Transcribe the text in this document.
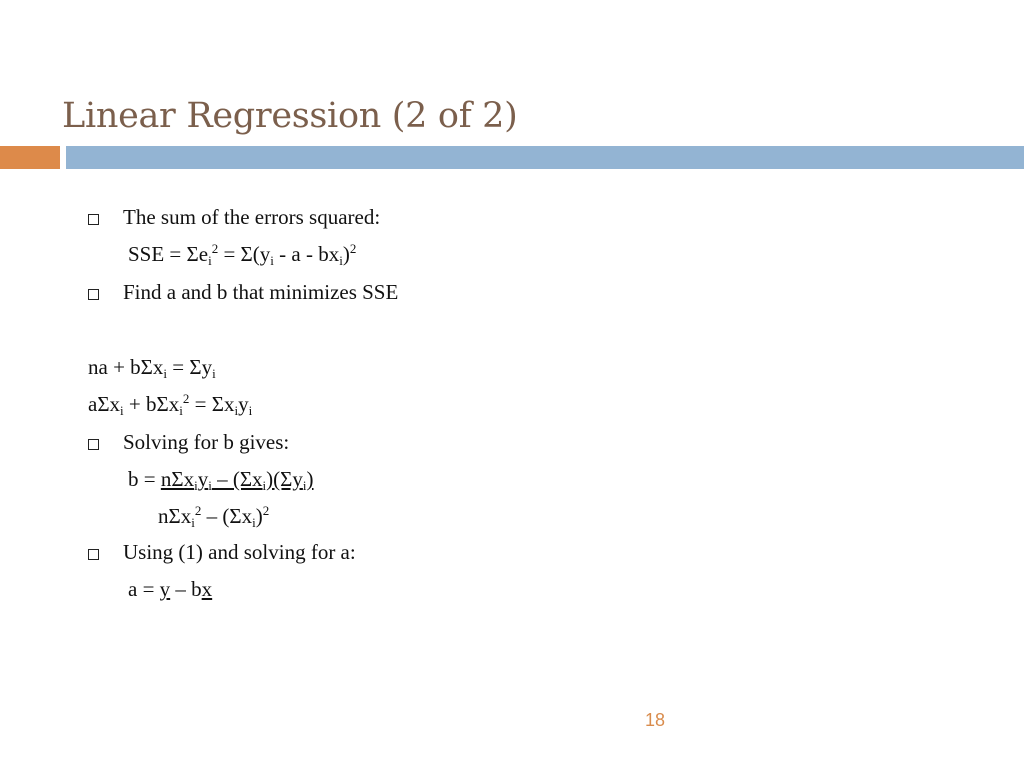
Linear Regression (2 of 2)
The sum of the errors squared:
SSE = $\Sigma e_i^2 = \Sigma(y_i - a - bx_i)^2$
Find a and b that minimizes SSE
na + $b\Sigma x_i = \Sigma y_i$
$a\Sigma x_i + b\Sigma x_i^2 = \Sigma x_iy_i$
Solving for b gives:
$b = n\Sigma x_iy_i - (\Sigma x_i)(\Sigma y_i)$
$n\Sigma x_i^2 - (\Sigma x_i)^2$
Using (1) and solving for a:
a = y – bx
18
